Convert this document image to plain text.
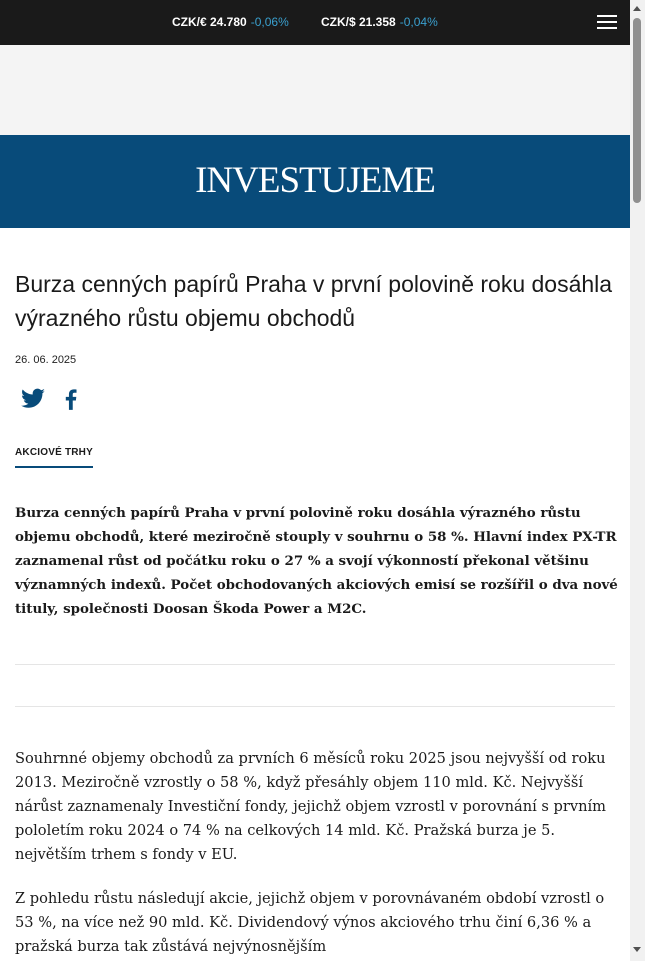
CZK/€ 24.780 -0,06%	CZK/$ 21.358 -0,04%
INVESTUJEME
Burza cenných papírů Praha v první polovině roku dosáhla výrazného růstu objemu obchodů
26. 06. 2025
AKCIOVÉ TRHY

Burza cenných papírů Praha v první polovině roku dosáhla výrazného růstu objemu obchodů, které meziročně stouply v souhrnu o 58 %. Hlavní index PX-TR zaznamenal růst od počátku roku o 27 % a svojí výkonností překonal většinu významných indexů. Počet obchodovaných akciových emisí se rozšířil o dva nové tituly, společnosti Doosan Škoda Power a M2C.

Souhrnné objemy obchodů za prvních 6 měsíců roku 2025 jsou nejvyšší od roku 2013. Meziročně vzrostly o 58 %, když přesáhly objem 110 mld. Kč. Nejvyšší nárůst zaznamenaly Investiční fondy, jejichž objem vzrostl v porovnání s prvním pololetím roku 2024 o 74 % na celkových 14 mld. Kč. Pražská burza je 5. největším trhem s fondy v EU.

Z pohledu růstu následují akcie, jejichž objem v porovnávaném období vzrostl o 53 %, na více než 90 mld. Kč. Dividendový výnos akciového trhu činí 6,36 % a pražská burza tak zůstává nejvýnosnějším
